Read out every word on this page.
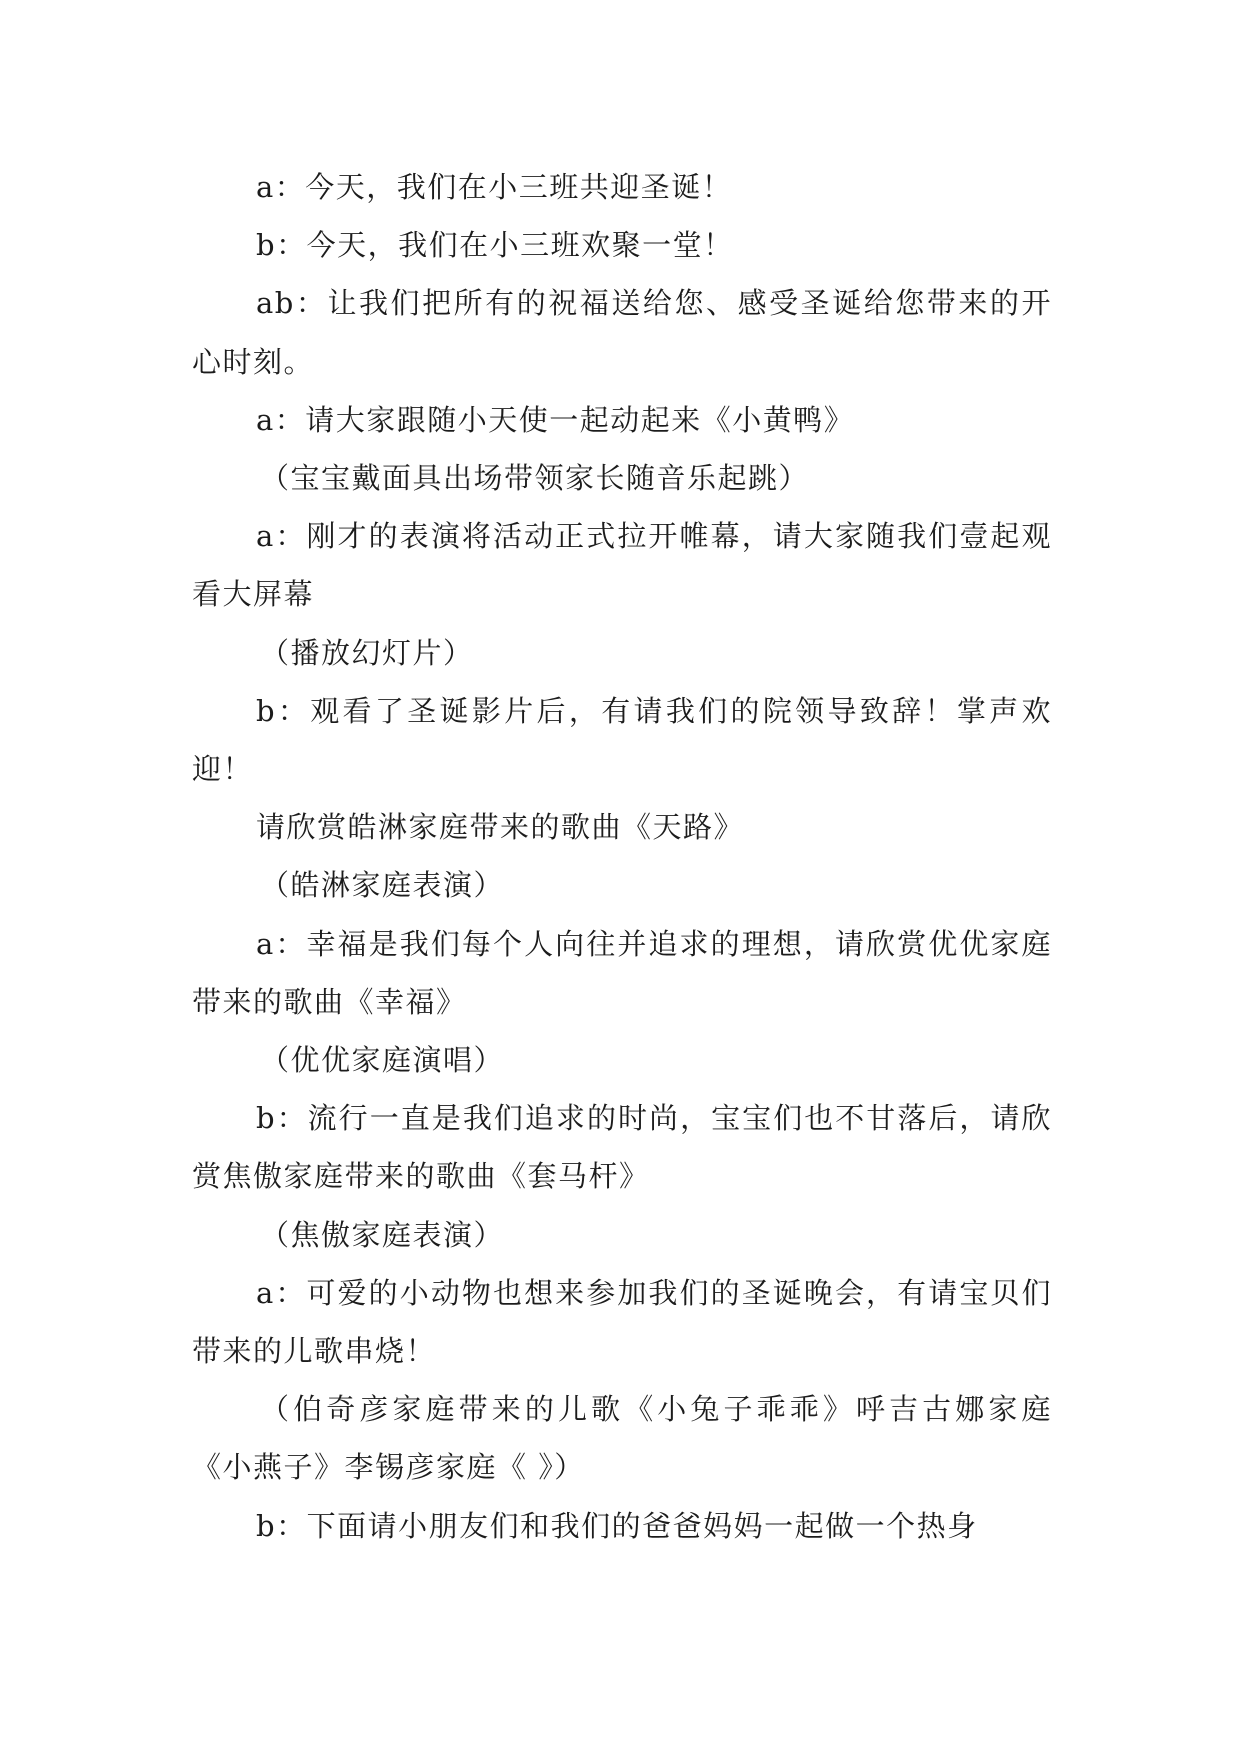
a：今天，我们在小三班共迎圣诞！

b：今天，我们在小三班欢聚一堂！

ab：让我们把所有的祝福送给您、感受圣诞给您带来的开心时刻。

a：请大家跟随小天使一起动起来《小黄鸭》

（宝宝戴面具出场带领家长随音乐起跳）

a：刚才的表演将活动正式拉开帷幕，请大家随我们壹起观看大屏幕

（播放幻灯片）

b：观看了圣诞影片后，有请我们的院领导致辞！掌声欢迎！

请欣赏皓淋家庭带来的歌曲《天路》

（皓淋家庭表演）

a：幸福是我们每个人向往并追求的理想，请欣赏优优家庭带来的歌曲《幸福》

（优优家庭演唱）

b：流行一直是我们追求的时尚，宝宝们也不甘落后，请欣赏焦傲家庭带来的歌曲《套马杆》

（焦傲家庭表演）

a：可爱的小动物也想来参加我们的圣诞晚会，有请宝贝们带来的儿歌串烧！

（伯奇彦家庭带来的儿歌《小兔子乖乖》呼吉古娜家庭《小燕子》李锡彦家庭《 》）

b：下面请小朋友们和我们的爸爸妈妈一起做一个热身
